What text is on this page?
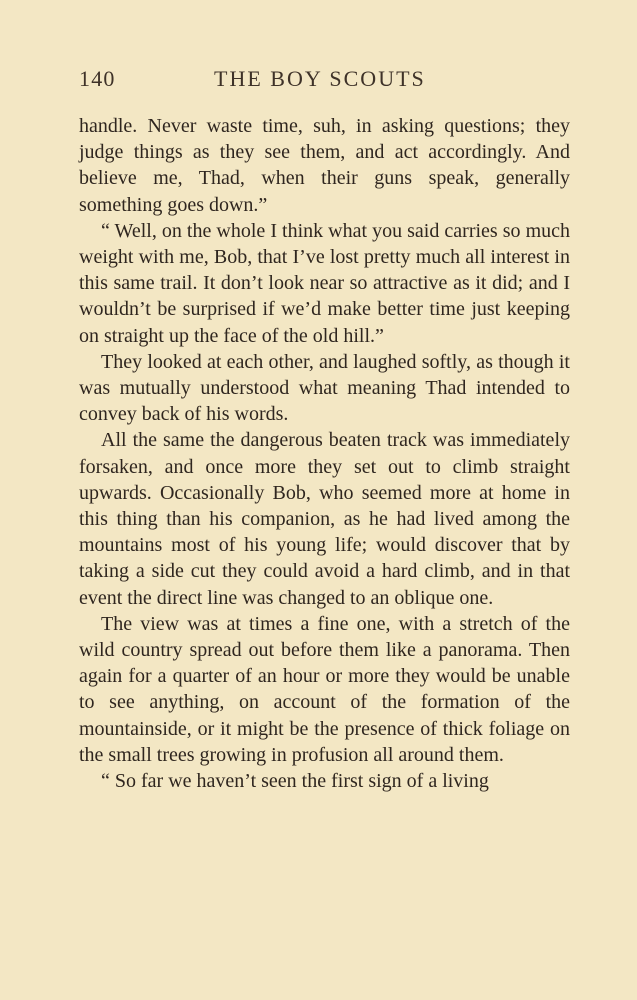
140	THE BOY SCOUTS

handle. Never waste time, suh, in asking questions; they judge things as they see them, and act accordingly. And believe me, Thad, when their guns speak, generally something goes down.”

“ Well, on the whole I think what you said carries so much weight with me, Bob, that I’ve lost pretty much all interest in this same trail. It don’t look near so attractive as it did; and I wouldn’t be surprised if we’d make better time just keeping on straight up the face of the old hill.”

They looked at each other, and laughed softly, as though it was mutually understood what meaning Thad intended to convey back of his words.

All the same the dangerous beaten track was immediately forsaken, and once more they set out to climb straight upwards. Occasionally Bob, who seemed more at home in this thing than his companion, as he had lived among the mountains most of his young life; would discover that by taking a side cut they could avoid a hard climb, and in that event the direct line was changed to an oblique one.

The view was at times a fine one, with a stretch of the wild country spread out before them like a panorama. Then again for a quarter of an hour or more they would be unable to see anything, on account of the formation of the mountainside, or it might be the presence of thick foliage on the small trees growing in profusion all around them.

“ So far we haven’t seen the first sign of a living
